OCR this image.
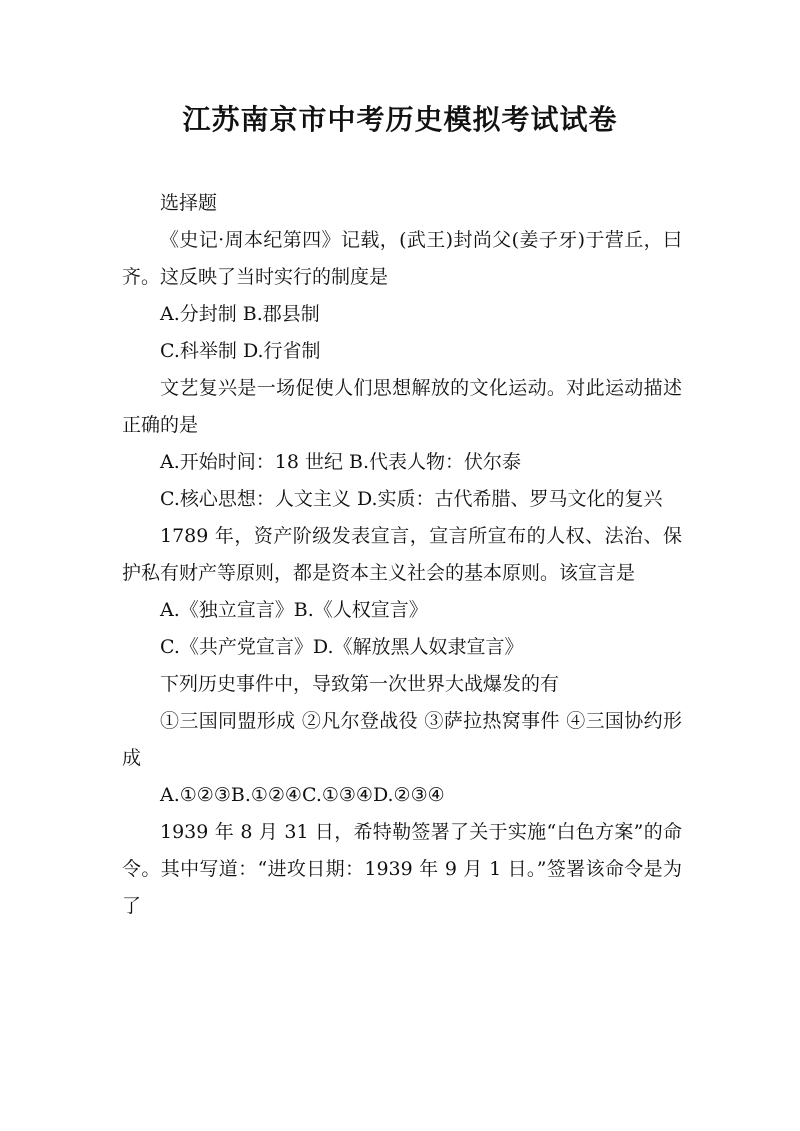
江苏南京市中考历史模拟考试试卷

选择题

《史记·周本纪第四》记载，(武王)封尚父(姜子牙)于营丘，曰齐。这反映了当时实行的制度是

A.分封制 B.郡县制

C.科举制 D.行省制

文艺复兴是一场促使人们思想解放的文化运动。对此运动描述正确的是

A.开始时间：18 世纪 B.代表人物：伏尔泰

C.核心思想：人文主义 D.实质：古代希腊、罗马文化的复兴

1789 年，资产阶级发表宣言，宣言所宣布的人权、法治、保护私有财产等原则，都是资本主义社会的基本原则。该宣言是

A.《独立宣言》B.《人权宣言》

C.《共产党宣言》D.《解放黑人奴隶宣言》

下列历史事件中，导致第一次世界大战爆发的有

①三国同盟形成 ②凡尔登战役 ③萨拉热窝事件 ④三国协约形成

A.①②③B.①②④C.①③④D.②③④

1939 年 8 月 31 日，希特勒签署了关于实施“白色方案”的命令。其中写道：“进攻日期：1939 年 9 月 1 日。”签署该命令是为了
